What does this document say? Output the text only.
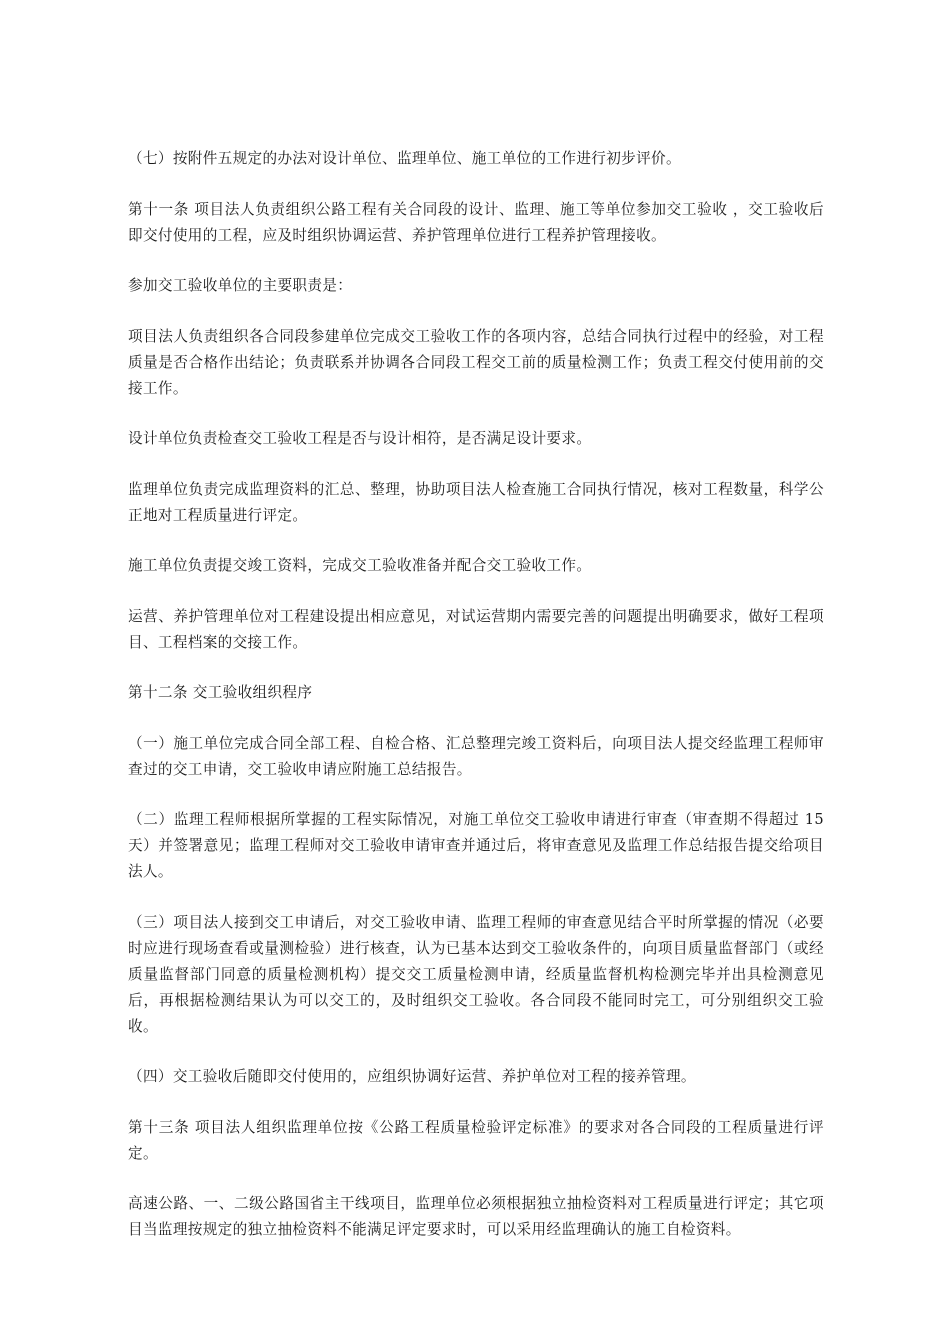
（七）按附件五规定的办法对设计单位、监理单位、施工单位的工作进行初步评价。

第十一条 项目法人负责组织公路工程有关合同段的设计、监理、施工等单位参加交工验收 ，交工验收后即交付使用的工程，应及时组织协调运营、养护管理单位进行工程养护管理接收。

参加交工验收单位的主要职责是：

项目法人负责组织各合同段参建单位完成交工验收工作的各项内容，总结合同执行过程中的经验，对工程质量是否合格作出结论；负责联系并协调各合同段工程交工前的质量检测工作；负责工程交付使用前的交接工作。

设计单位负责检查交工验收工程是否与设计相符，是否满足设计要求。

监理单位负责完成监理资料的汇总、整理，协助项目法人检查施工合同执行情况，核对工程数量，科学公正地对工程质量进行评定。

施工单位负责提交竣工资料，完成交工验收准备并配合交工验收工作。

运营、养护管理单位对工程建设提出相应意见，对试运营期内需要完善的问题提出明确要求，做好工程项目、工程档案的交接工作。

第十二条 交工验收组织程序

（一）施工单位完成合同全部工程、自检合格、汇总整理完竣工资料后，向项目法人提交经监理工程师审查过的交工申请，交工验收申请应附施工总结报告。

（二）监理工程师根据所掌握的工程实际情况，对施工单位交工验收申请进行审查（审查期不得超过 15 天）并签署意见；监理工程师对交工验收申请审查并通过后，将审查意见及监理工作总结报告提交给项目法人。

（三）项目法人接到交工申请后，对交工验收申请、监理工程师的审查意见结合平时所掌握的情况（必要时应进行现场查看或量测检验）进行核查，认为已基本达到交工验收条件的，向项目质量监督部门（或经质量监督部门同意的质量检测机构）提交交工质量检测申请，经质量监督机构检测完毕并出具检测意见后，再根据检测结果认为可以交工的，及时组织交工验收。各合同段不能同时完工，可分别组织交工验收。

（四）交工验收后随即交付使用的，应组织协调好运营、养护单位对工程的接养管理。

第十三条 项目法人组织监理单位按《公路工程质量检验评定标准》的要求对各合同段的工程质量进行评定。

高速公路、一、二级公路国省主干线项目，监理单位必须根据独立抽检资料对工程质量进行评定；其它项目当监理按规定的独立抽检资料不能满足评定要求时，可以采用经监理确认的施工自检资料。
